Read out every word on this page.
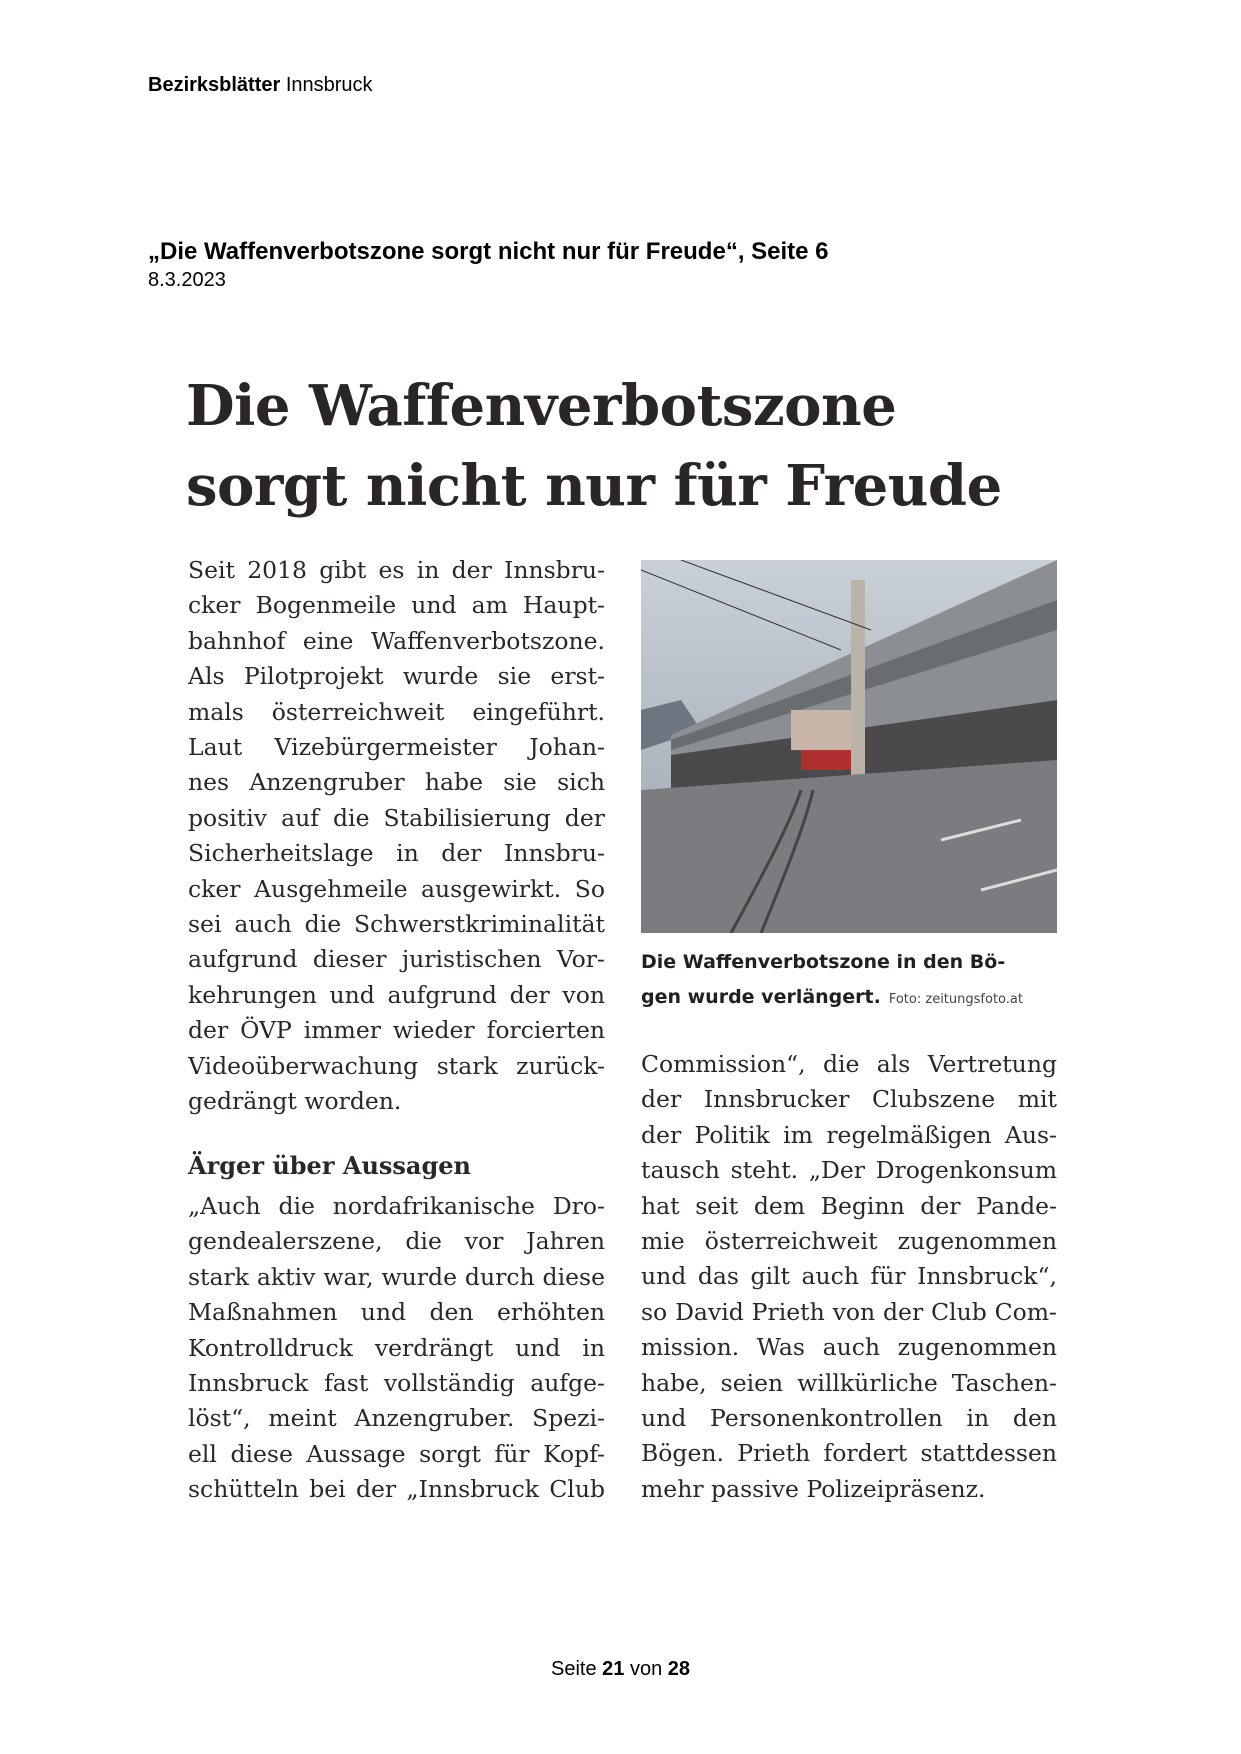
Bezirksblätter Innsbruck
„Die Waffenverbotszone sorgt nicht nur für Freude“, Seite 6
8.3.2023
Die Waffenverbotszone
sorgt nicht nur für Freude
Seit 2018 gibt es in der Innsbru-
cker Bogenmeile und am Haupt-
bahnhof eine Waffenverbotszone.
Als Pilotprojekt wurde sie erst-
mals österreichweit eingeführt.
Laut Vizebürgermeister Johan-
nes Anzengruber habe sie sich
positiv auf die Stabilisierung der
Sicherheitslage in der Innsbru-
cker Ausgehmeile ausgewirkt. So
sei auch die Schwerstkriminalität
aufgrund dieser juristischen Vor-
kehrungen und aufgrund der von
der ÖVP immer wieder forcierten
Videoüberwachung stark zurück-
gedrängt worden.
Ärger über Aussagen
„Auch die nordafrikanische Dro-
gendealerszene, die vor Jahren
stark aktiv war, wurde durch diese
Maßnahmen und den erhöhten
Kontrolldruck verdrängt und in
Innsbruck fast vollständig aufge-
löst“, meint Anzengruber. Spezi-
ell diese Aussage sorgt für Kopf-
schütteln bei der „Innsbruck Club
Die Waffenverbotszone in den Bö-
gen wurde verlängert. Foto: zeitungsfoto.at
Commission“, die als Vertretung
der Innsbrucker Clubszene mit
der Politik im regelmäßigen Aus-
tausch steht. „Der Drogenkonsum
hat seit dem Beginn der Pande-
mie österreichweit zugenommen
und das gilt auch für Innsbruck“,
so David Prieth von der Club Com-
mission. Was auch zugenommen
habe, seien willkürliche Taschen-
und Personenkontrollen in den
Bögen. Prieth fordert stattdessen
mehr passive Polizeipräsenz.
Seite 21 von 28
